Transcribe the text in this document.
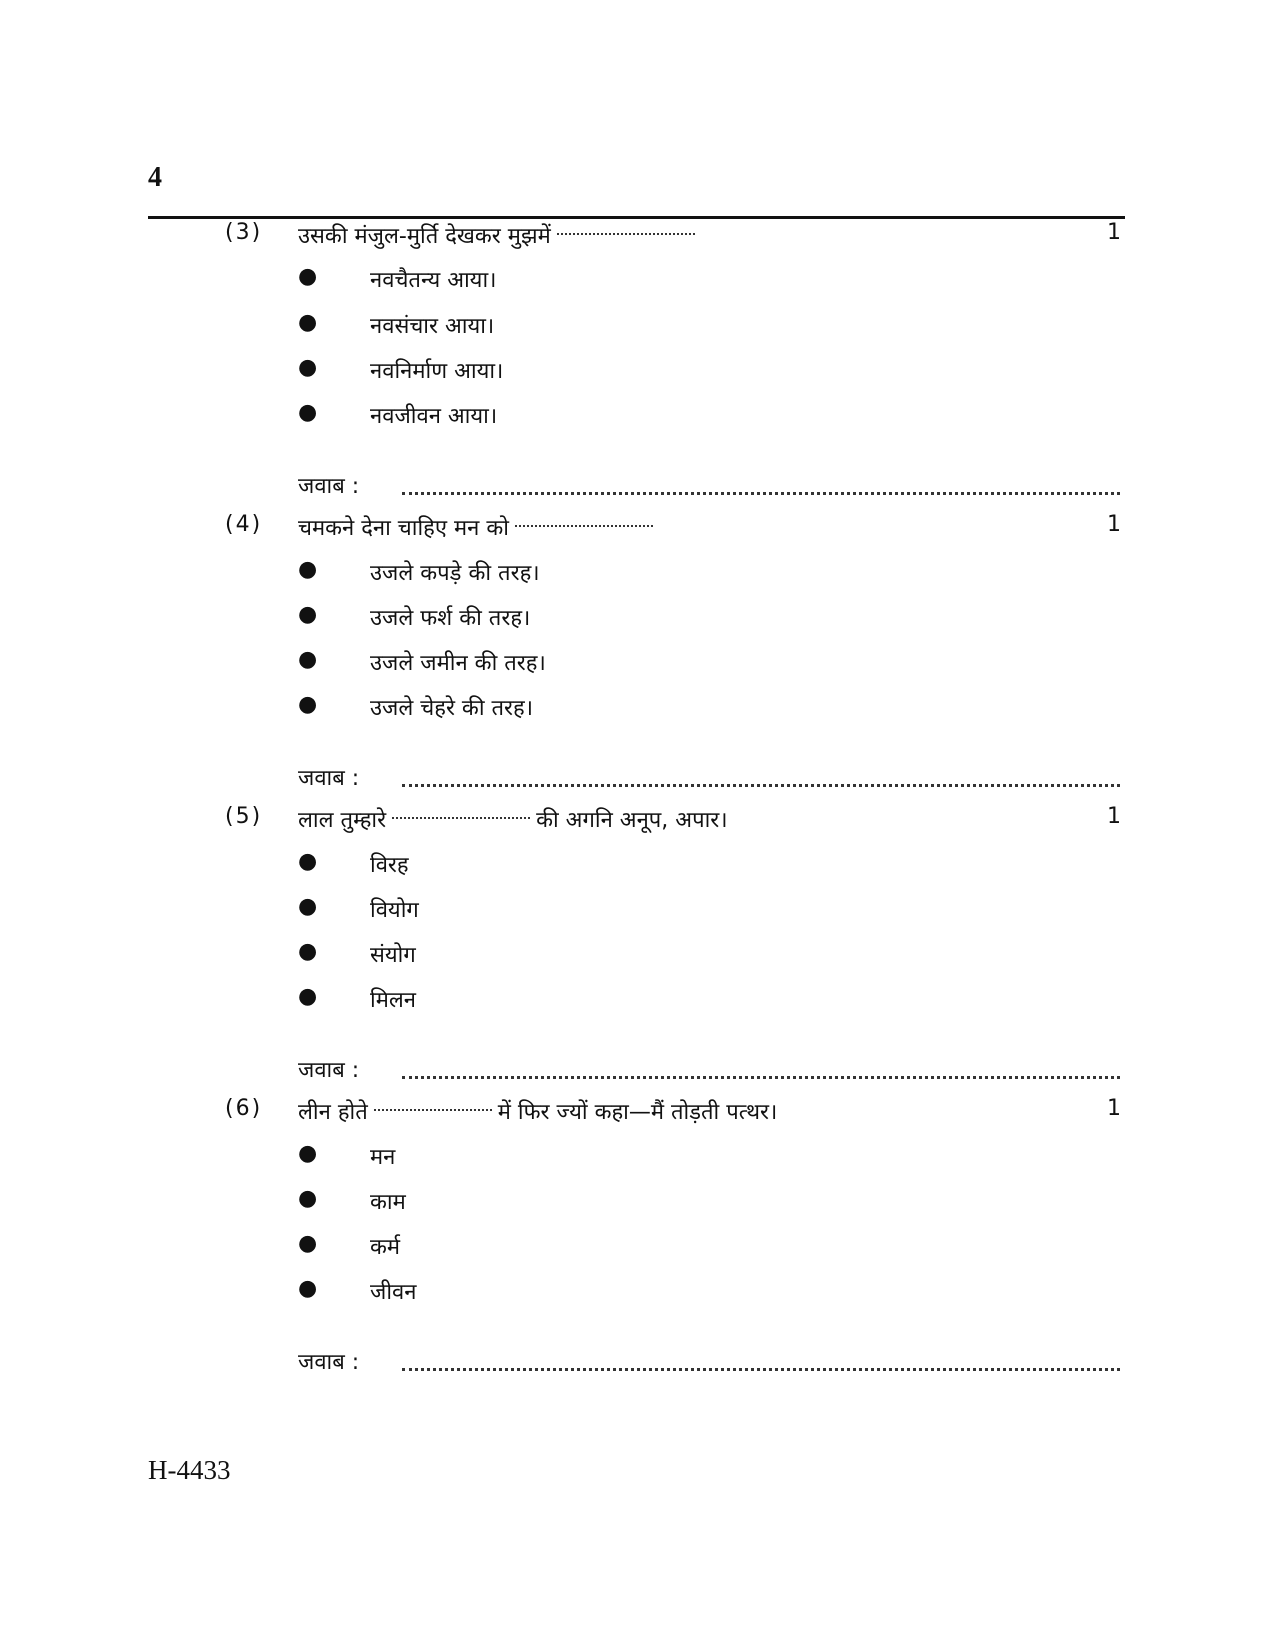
4
(3) उसकी मंजुल-मुर्ति देखकर मुझमें	1
● नवचैतन्य आया।
● नवसंचार आया।
● नवनिर्माण आया।
● नवजीवन आया।
जवाब :
(4) चमकने देना चाहिए मन को	1
● उजले कपड़े की तरह।
● उजले फर्श की तरह।
● उजले जमीन की तरह।
● उजले चेहरे की तरह।
जवाब :
(5) लाल तुम्हारे	की अगनि अनूप, अपार।	1
● विरह
● वियोग
● संयोग
● मिलन
जवाब :
(6) लीन होते	में फिर ज्यों कहा—मैं तोड़ती पत्थर।	1
● मन
● काम
● कर्म
● जीवन
जवाब :
H-4433
